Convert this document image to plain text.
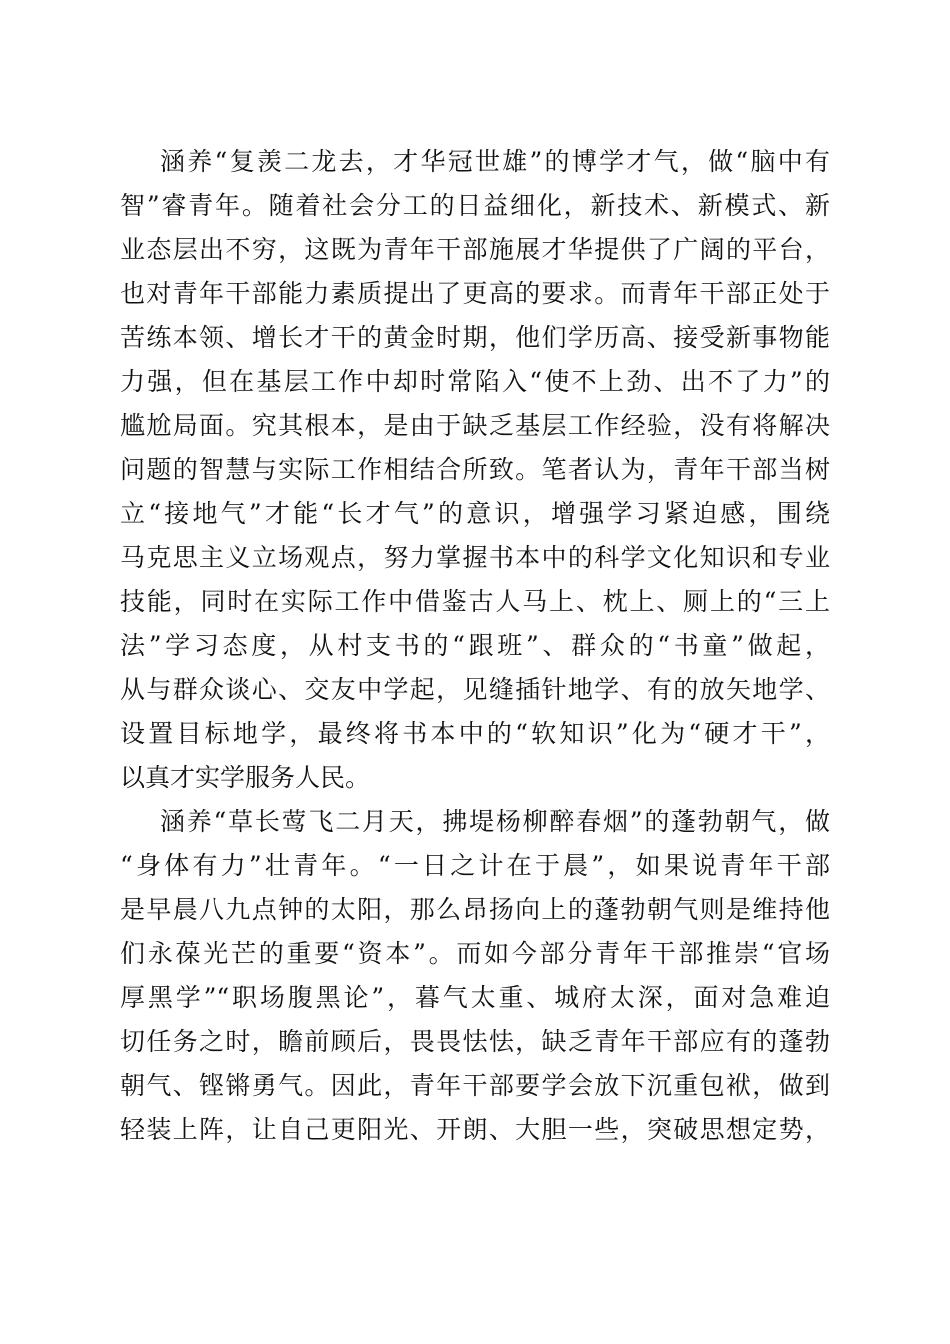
涵养“复羡二龙去，才华冠世雄”的博学才气，做“脑中有
智”睿青年。随着社会分工的日益细化，新技术、新模式、新
业态层出不穷，这既为青年干部施展才华提供了广阔的平台，
也对青年干部能力素质提出了更高的要求。而青年干部正处于
苦练本领、增长才干的黄金时期，他们学历高、接受新事物能
力强，但在基层工作中却时常陷入“使不上劲、出不了力”的
尴尬局面。究其根本，是由于缺乏基层工作经验，没有将解决
问题的智慧与实际工作相结合所致。笔者认为，青年干部当树
立“接地气”才能“长才气”的意识，增强学习紧迫感，围绕
马克思主义立场观点，努力掌握书本中的科学文化知识和专业
技能，同时在实际工作中借鉴古人马上、枕上、厕上的“三上
法”学习态度，从村支书的“跟班”、群众的“书童”做起，
从与群众谈心、交友中学起，见缝插针地学、有的放矢地学、
设置目标地学，最终将书本中的“软知识”化为“硬才干”，
以真才实学服务人民。
涵养“草长莺飞二月天，拂堤杨柳醉春烟”的蓬勃朝气，做
“身体有力”壮青年。“一日之计在于晨”，如果说青年干部
是早晨八九点钟的太阳，那么昂扬向上的蓬勃朝气则是维持他
们永葆光芒的重要“资本”。而如今部分青年干部推崇“官场
厚黑学”“职场腹黑论”，暮气太重、城府太深，面对急难迫
切任务之时，瞻前顾后，畏畏怯怯，缺乏青年干部应有的蓬勃
朝气、铿锵勇气。因此，青年干部要学会放下沉重包袱，做到
轻装上阵，让自己更阳光、开朗、大胆一些，突破思想定势，
